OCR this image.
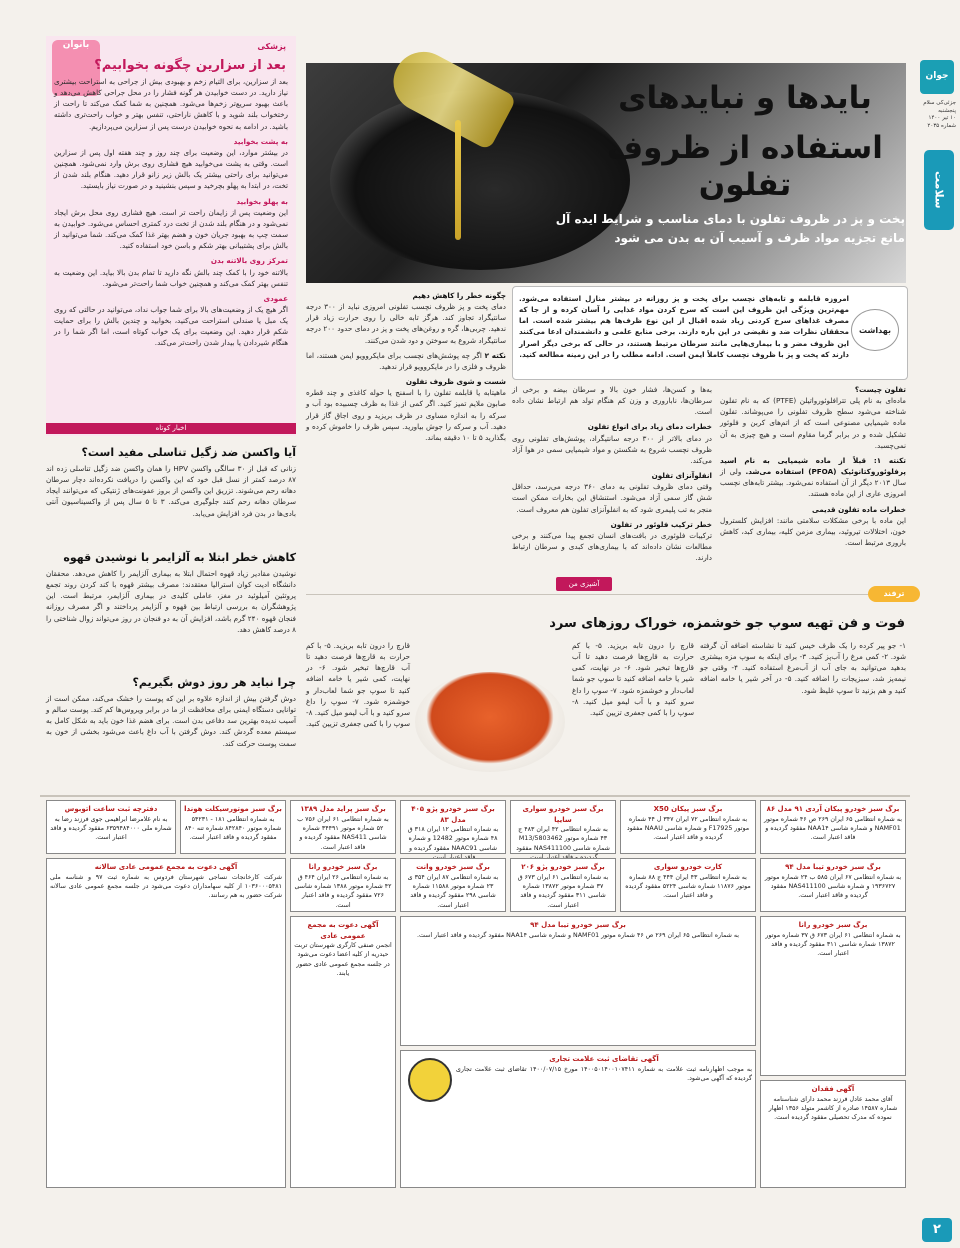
جوان
جزئی‌کی سلام
پنجشنبه
۱۰ تیر ۱۴۰۰
شماره ۲۰۳۵
سلامت
بایدها و نبایدهای
استفاده از ظروف تفلون
پخت و پز در ظروف تفلون با دمای مناسب و شرایط ایده آل
مانع تجزیه مواد ظرف و آسیب آن به بدن می شود
بهداشت
امروزه قابلمه و تابه‌های نچسب برای پخت و پز روزانه در بیشتر منازل استفاده می‌شود. مهم‌ترین ویژگی این ظروف این است که سرخ کردن مواد غذایی را آسان کرده و از جا که مصرف غذاهای سرخ کردنی زیاد شده اقبال از این نوع ظرف‌ها هم بیشتر شده است. اما محققان نظرات ضد و نقیضی در این باره دارند. برخی منابع علمی و دانشمندان ادعا می‌کنند این ظروف مضر و با بیماری‌هایی مانند سرطان مرتبط هستند، در حالی که برخی دیگر اصرار دارند که پخت و پز با ظروف نچسب کاملاً ایمن است. ادامه مطلب را در این زمینه مطالعه کنید.

تفلون چیست؟
ماده‌ای به نام پلی تترافلوئورواتیلن (PTFE) که به نام تفلون شناخته می‌شود سطح ظروف تفلونی را می‌پوشاند. تفلون ماده شیمیایی مصنوعی است که از اتم‌های کربن و فلوئور تشکیل شده و در برابر گرما مقاوم است و هیچ چیزی به آن نمی‌چسبد.

تکنته ۱: قبلاً از ماده شیمیایی به نام اسید پرفلوئوروکتانوئیک (PFOA) استفاده می‌شد. ولی از سال ۲۰۱۳ دیگر از آن استفاده نمی‌شود. بیشتر تابه‌های نچسب امروزی عاری از این ماده هستند.

خطرات ماده تفلون قدیمی
این ماده با برخی مشکلات سلامتی مانند: افزایش کلسترول خون، اختلالات تیروئید، بیماری مزمن کلیه، بیماری کبد، کاهش باروری مرتبط است.

به‌ها و کسن‌ها، فشار خون بالا و سرطان بیضه و برخی از سرطان‌ها، ناباروری و وزن کم هنگام تولد هم ارتباط نشان داده است.

خطرات دمای زیاد برای انواع تفلون
در دمای بالاتر از ۳۰۰ درجه سانتیگراد، پوشش‌های تفلونی روی ظروف نچسب شروع به شکستن و مواد شیمیایی سمی در هوا آزاد می‌کند.

انفلوآنزای تفلون
وقتی دمای ظروف تفلونی به دمای ۳۶۰ درجه می‌رسد، حداقل شش گاز سمی آزاد می‌شود. استنشاق این بخارات ممکن است منجر به تب پلیمری شود که به انفلوآنزای تفلون هم معروف است.

خطر ترکیب فلوئور در تفلون
ترکیبات فلوئوری در بافت‌های انسان تجمع پیدا می‌کنند و برخی مطالعات نشان داده‌اند که با بیماری‌های کبدی و سرطان ارتباط دارند.

چگونه خطر را کاهش دهیم
دمای پخت و پز ظروف نچسب تفلونی امروزی نباید از ۳۰۰ درجه سانتیگراد تجاوز کند. هرگز تابه خالی را روی حرارت زیاد قرار ندهید. چربی‌ها، گره و روغن‌های پخت و پز در دمای حدود ۲۰۰ درجه سانتیگراد شروع به سوختن و دود شدن می‌کنند.

نکته ۲ اگر چه پوشش‌های نچسب برای مایکروویو ایمن هستند، اما ظروف و فلزی را در مایکروویو قرار ندهید.

شست و شوی ظروف تفلون
ماهیتابه یا قابلمه تفلون را با اسفنج یا حوله کاغذی و چند قطره صابون ملایم تمیز کنید. اگر کمی از غذا به ظرف چسبیده بود آب و سرکه را به اندازه مساوی در ظرف بریزید و روی اجاق گاز قرار دهید. آب و سرکه را جوش بیاورید. سپس ظرف را خاموش کرده و بگذارید ۵ تا ۱۰ دقیقه بماند.

بانوان	پزشکی
بعد از سزارین چگونه بخوابیم؟

بعد از سزارین، برای التیام زخم و بهبودی بیش از جراحی به استراحت بیشتری نیاز دارید. در دست خوابیدن هر گونه فشار را در محل جراحی کاهش می‌دهد و باعث بهبود سریع‌تر زخم‌ها می‌شود. همچنین به شما کمک می‌کند تا راحت از رختخواب بلند شوید و با کاهش ناراحتی، تنفس بهتر و خواب راحت‌تری داشته باشید. در ادامه به نحوه خوابیدن درست پس از سزارین می‌پردازیم.

به پشت بخوابید
در بیشتر موارد، این وضعیت برای چند روز و چند هفته اول پس از سزارین است. وقتی به پشت می‌خوابید هیچ فشاری روی برش وارد نمی‌شود. همچنین می‌توانید برای راحتی بیشتر یک بالش زیر زانو قرار دهید. هنگام بلند شدن از تخت، در ابتدا به پهلو بچرخید و سپس بنشینید و در صورت نیاز بایستید.

به پهلو بخوابید
این وضعیت پس از زایمان راحت تر است. هیچ فشاری روی محل برش ایجاد نمی‌شود و در هنگام بلند شدن از تخت درد کمتری احساس می‌شود. خوابیدن به سمت چپ به بهبود جریان خون و هضم بهتر غذا کمک می‌کند. شما می‌توانید از بالش برای پشتیبانی بهتر شکم و باسن خود استفاده کنید.

تمرکز روی بالاتنه بدن
بالاتنه خود را با کمک چند بالش نگه دارید تا تمام بدن بالا بیاید. این وضعیت به تنفس بهتر کمک می‌کند و همچنین خواب شما راحت‌تر می‌شود.

عمودی
اگر هیچ یک از وضعیت‌های بالا برای شما جواب نداد، می‌توانید در حالتی که روی یک مبل یا صندلی استراحت می‌کنید، بخوابید و چندین بالش را برای حمایت شکم قرار دهید. این وضعیت برای یک خواب کوتاه است، اما اگر شما را در هنگام شیردادن یا بیدار شدن راحت‌تر می‌کند.

اخبار کوتاه
آیا واکسن ضد زگیل تناسلی مفید است؟
زنانی که قبل از ۳۰ سالگی واکسن HPV را همان واکسن ضد زگیل تناسلی زده اند ۸۷ درصد کمتر از نسل قبل خود که این واکسن را دریافت نکرده‌اند دچار سرطان دهانه رحم می‌شوند. تزریق این واکسن از بروز عفونت‌های ژنتیکی که می‌توانند ایجاد سرطان دهانه رحم کنند جلوگیری می‌کند. ۳ تا ۵ سال پس از واکسیناسیون آنتی بادی‌ها در بدن فرد افزایش می‌یابد.
کاهش خطر ابتلا به آلزایمر با نوشیدن قهوه
نوشیدن مقادیر زیاد قهوه احتمال ابتلا به بیماری آلزایمر را کاهش می‌دهد. محققان دانشگاه ادیت کوان استرالیا معتقدند: مصرف بیشتر قهوه با کند کردن روند تجمع پروتئین آمیلوئید در مغز، عاملی کلیدی در بیماری آلزایمر، مرتبط است. این پژوهشگران به بررسی ارتباط بین قهوه و آلزایمر پرداختند و اگر مصرف روزانه فنجان قهوه ۲۴۰ گرم باشد، افزایش آن به دو فنجان در روز می‌تواند زوال شناختی را ۸ درصد کاهش دهد.
چرا نباید هر روز دوش بگیریم؟
دوش گرفتن بیش از اندازه علاوه بر این که پوست را خشک می‌کند، ممکن است از توانایی دستگاه ایمنی برای محافظت از ما در برابر ویروس‌ها کم کند. پوست سالم و آسیب ندیده بهترین سد دفاعی بدن است. برای هضم غذا خون باید به شکل کامل به سیستم معده گردش کند. دوش گرفتن با آب داغ باعث می‌شود بخشی از خون به سمت پوست حرکت کند.
آشپزی‌ من
ترفند
فوت و فن تهیه سوپ جو خوشمزه، خوراک روزهای سرد
۱- جو پیر کرده را یک ظرف خیس کنید تا نشاسته اضافه آن گرفته شود. ۲- کمی مرغ را آب‌پز کنید. ۳- برای اینکه به سوپ مزه بیشتری بدهید می‌توانید به جای آب از آب‌مرغ استفاده کنید. ۴- وقتی جو نیمه‌پز شد، سبزیجات را اضافه کنید. ۵- در آخر شیر یا خامه اضافه کنید و هم بزنید تا سوپ غلیظ شود.
قارچ را درون تابه بریزید. ۵- با کم حرارت به قارچ‌ها فرصت دهید تا آب قارچ‌ها تبخیر شود. ۶- در نهایت، کمی شیر یا خامه اضافه کنید تا سوپ جو شما لعاب‌دار و خوشمزه شود. ۷- سوپ را داغ سرو کنید و با آب لیمو میل کنید. ۸- سوپ را با کمی جعفری تزیین کنید.
قارچ را درون تابه بریزید. ۵- با کم حرارت به قارچ‌ها فرصت دهید تا آب قارچ‌ها تبخیر شود. ۶- در نهایت، کمی شیر یا خامه اضافه کنید تا سوپ جو شما لعاب‌دار و خوشمزه شود. ۷- سوپ را داغ سرو کنید و با آب لیمو میل کنید. ۸- سوپ را با کمی جعفری تزیین کنید.
برگ سبز خودرو پیکان آردی ۹۱ مدل ۸۶
به شماره انتظامی ۶۵ ایران ۲۶۹ ص ۴۶ شماره موتور NAMF01 و شماره شاسی NAA1۴ مفقود گردیده و فاقد اعتبار است.
برگ سبز پیکان X50
به شماره انتظامی ۷۲ ایران ۳۴۷ ل ۴۴ شماره موتور F17925 و شماره شاسی NAAU مفقود گردیده و فاقد اعتبار است.
برگ سبز خودرو سواری سایپا
به شماره انتظامی ۴۲ ایران ۴۸۳ ج ۴۳ شماره موتور M13/5803462 شماره شاسی NAS411100 مفقود
برگ سبز خودرو پژو ۴۰۵ مدل ۸۳
به شماره انتظامی ۱۲ ایران ۳۱۸ ق ۴۸ شماره موتور 12482 و شماره شاسی NAAC91 مفقود گردیده و
برگ سبز پراید مدل ۱۳۸۹
به شماره انتظامی ۶۱ ایران ۷۵۶ ب ۵۲ شماره موتور ۳۴۴۹۱ شماره شاسی NAS411 مفقود گردیده و فاقد اعتبار است.
برگ سبز موتورسیکلت هوندا
به شماره انتظامی ۱۸۱ - ۵۴۲۳۱ شماره موتور ۸۴۲۸۴۰ شماره تنه ۸۴۰ مفقود گردیده و فاقد اعتبار است.
دفترچه ثبت ساعت اتوبوس
به نام غلامرضا ابراهیمی جوی فرزند رضا به شماره ملی ۶۳۵۹۴۸۴۰۰۰ مفقود گردیده و فاقد اعتبار است.
برگ سبز خودرو تیبا مدل ۹۴
به شماره انتظامی ۶۷ ایران ۵۸۵ ب ۲۴ شماره موتور ۱۹۳۶۷۲۷ و شماره شاسی NAS411100 مفقود گردیده و فاقد اعتبار است.
کارت خودرو سواری
به شماره انتظامی ۴۳ ایران ۴۴۴ ج ۸۸ شماره موتور ۱۱۸۷۶ شماره شاسی ۵۲۲۴ مفقود گردیده و فاقد اعتبار است.
برگ سبز خودرو پژو ۲۰۶
به شماره انتظامی ۶۱ ایران ۶۷۳ ق ۳۷ شماره موتور ۱۳۸۷۲ شماره شاسی ۳۱۱ مفقود گردیده و فاقد اعتبار است.
برگ سبز خودرو وانت
به شماره انتظامی ۸۷ ایران ۳۵۴ ی ۲۳ شماره موتور ۱۱۵۸۸ شماره شاسی ۲۹۸ مفقود گردیده و فاقد اعتبار است.
برگ سبز خودرو رانا
به شماره انتظامی ۲۶ ایران ۴۶۴ ق ۴۲ شماره موتور ۱۳۸۸ شماره شاسی ۷۲۶ مفقود گردیده و فاقد اعتبار است.
آگهی دعوت به مجمع عمومی عادی سالانه
شرکت کارخانجات نساجی شهرستان فردوس به شماره ثبت ۹۷ و شناسه ملی ۱۰۳۶۰۰۰۵۴۸۱ از کلیه سهامداران دعوت می‌شود در جلسه مجمع عمومی عادی سالانه شرکت حضور به هم رسانند.
آگهی دعوت به مجمع عمومی عادی
انجمن صنفی کارگری شهرستان تربت حیدریه از کلیه اعضا دعوت می‌شود در جلسه مجمع عمومی عادی حضور یابند.
برگ سبز خودرو تیبا مدل ۹۴
به شماره انتظامی ۶۵ ایران ۲۶۹ ص ۴۶ شماره موتور NAMF01 و شماره شاسی NAA1۴ مفقود گردیده و فاقد اعتبار است.
آگهی تقاضای ثبت علامت تجاری
به موجب اظهارنامه ثبت علامت به شماره ۱۴۰۰۵۰۱۴۰۰۱۰۷۴۱۱ مورخ ۱۴۰۰/۰۷/۱۵ تقاضای ثبت علامت تجاری گردیده که آگهی می‌شود.
برگ سبز خودرو رانا
به شماره انتظامی ۶۱ ایران ۶۷۳ ق ۳۷ شماره موتور ۱۳۸۷۲ شماره شاسی ۳۱۱ مفقود گردیده و فاقد اعتبار است.
آگهی فقدان
آقای محمد عادل فرزند محمد دارای شناسنامه شماره ۱۴۵۸۷ صادره از کاشمر متولد ۱۳۵۶ اظهار نموده که مدرک تحصیلی مفقود گردیده است.
۲
